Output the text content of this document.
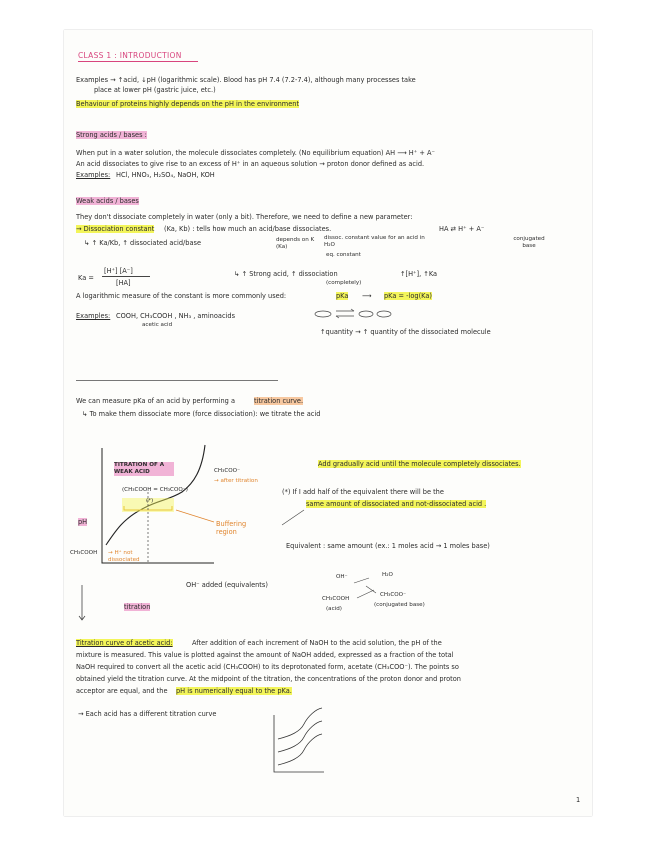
CLASS 1 : INTRODUCTION
Examples → ↑acid, ↓pH (logarithmic scale). Blood has pH 7.4 (7.2-7.4), although many processes take
place at lower pH (gastric juice, etc.)
Behaviour of proteins highly depends on the pH in the environment
Strong acids / bases :
When put in a water solution, the molecule dissociates completely. (No equilibrium equation) AH ⟶ H⁺ + A⁻
An acid dissociates to give rise to an excess of H⁺ in an aqueous solution → proton donor defined as acid.
Examples: HCl, HNO₃, H₂SO₄, NaOH, KOH
Weak acids / bases
They don't dissociate completely in water (only a bit). Therefore, we need to define a new parameter:
→ Dissociation constant (Ka, Kb) : tells how much an acid/base dissociates.	HA ⇄ H⁺ + A⁻
conjugated base
↳ ↑ Ka/Kb, ↑ dissociated acid/base	depends on K (Ka)
dissoc. constant value for an acid in H₂O
eq. constant
Ka =
[H⁺] [A⁻]
[HA]
↳ ↑ Strong acid, ↑ dissociation
(completely)
↑[H⁺], ↑Ka
A logarithmic measure of the constant is more commonly used:	pKa ⟶ pKa = -log(Ka)
Examples: COOH, CH₃COOH , NH₃ , aminoacids
acetic acid
↑quantity → ↑ quantity of the dissociated molecule
We can measure pKa of an acid by performing a	titration curve.
↳ To make them dissociate more (force dissociation): we titrate the acid
TITRATION OF A WEAK ACID	CH₃COO⁻
→ after titration
(CH₃COOH = CH₃COO⁻)
(*)
pH
CH₃COOH
Buffering region
→ H⁺ not dissociated
OH⁻ added (equivalents)
titration
Add gradually acid until the molecule completely dissociates.
(*) If I add half of the equivalent there will be the
same amount of dissociated and not-dissociated acid .
Equivalent : same amount (ex.: 1 moles acid → 1 moles base)
OH⁻	H₂O
CH₃COOH
(acid)
CH₃COO⁻
(conjugated base)
Titration curve of acetic acid:	After addition of each increment of NaOH to the acid solution, the pH of the
mixture is measured. This value is plotted against the amount of NaOH added, expressed as a fraction of the total
NaOH required to convert all the acetic acid (CH₃COOH) to its deprotonated form, acetate (CH₃COO⁻). The points so
obtained yield the titration curve. At the midpoint of the titration, the concentrations of the proton donor and proton
acceptor are equal, and the pH is numerically equal to the pKa.
→ Each acid has a different titration curve
1
